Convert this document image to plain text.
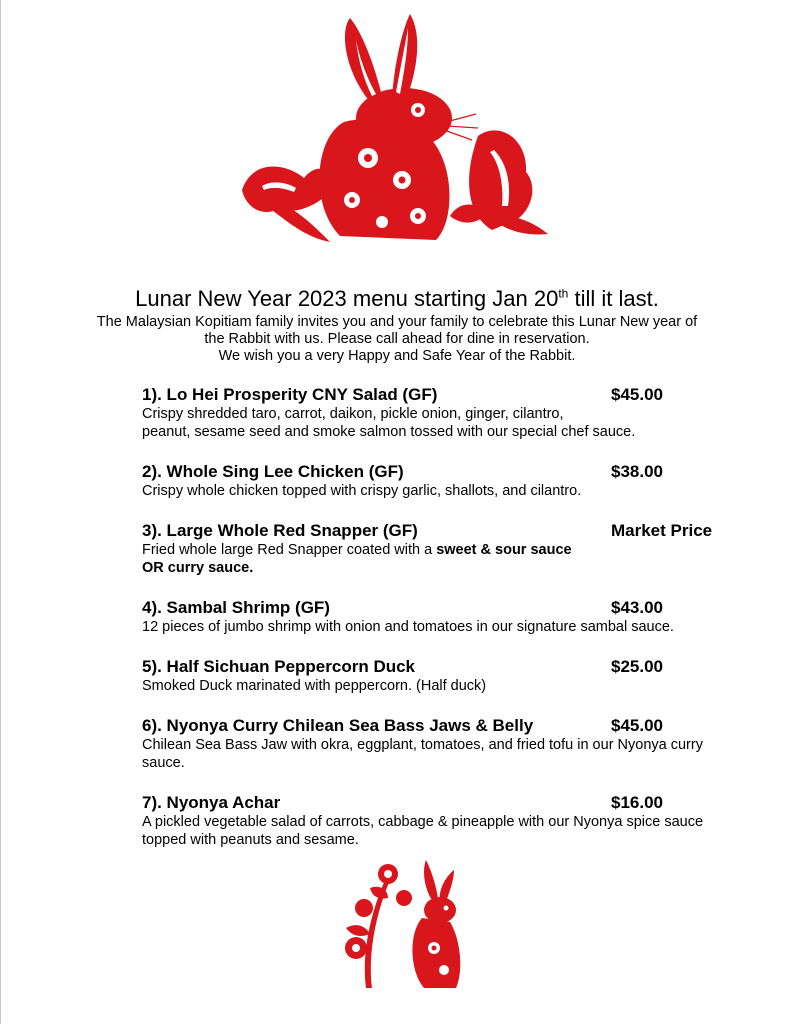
Lunar New Year 2023 menu starting Jan 20th till it last.

The Malaysian Kopitiam family invites you and your family to celebrate this Lunar New year of
the Rabbit with us. Please call ahead for dine in reservation.
We wish you a very Happy and Safe Year of the Rabbit.

1). Lo Hei Prosperity CNY Salad (GF)	$45.00
Crispy shredded taro, carrot, daikon, pickle onion, ginger, cilantro,
peanut, sesame seed and smoke salmon tossed with our special chef sauce.
2). Whole Sing Lee Chicken (GF)	$38.00
Crispy whole chicken topped with crispy garlic, shallots, and cilantro.
3). Large Whole Red Snapper (GF)	Market Price
Fried whole large Red Snapper coated with a sweet & sour sauce
OR curry sauce.
4). Sambal Shrimp (GF)	$43.00
12 pieces of jumbo shrimp with onion and tomatoes in our signature sambal sauce.
5). Half Sichuan Peppercorn Duck	$25.00
Smoked Duck marinated with peppercorn. (Half duck)
6). Nyonya Curry Chilean Sea Bass Jaws & Belly	$45.00
Chilean Sea Bass Jaw with okra, eggplant, tomatoes, and fried tofu in our Nyonya curry
sauce.
7). Nyonya Achar	$16.00
A pickled vegetable salad of carrots, cabbage & pineapple with our Nyonya spice sauce
topped with peanuts and sesame.
